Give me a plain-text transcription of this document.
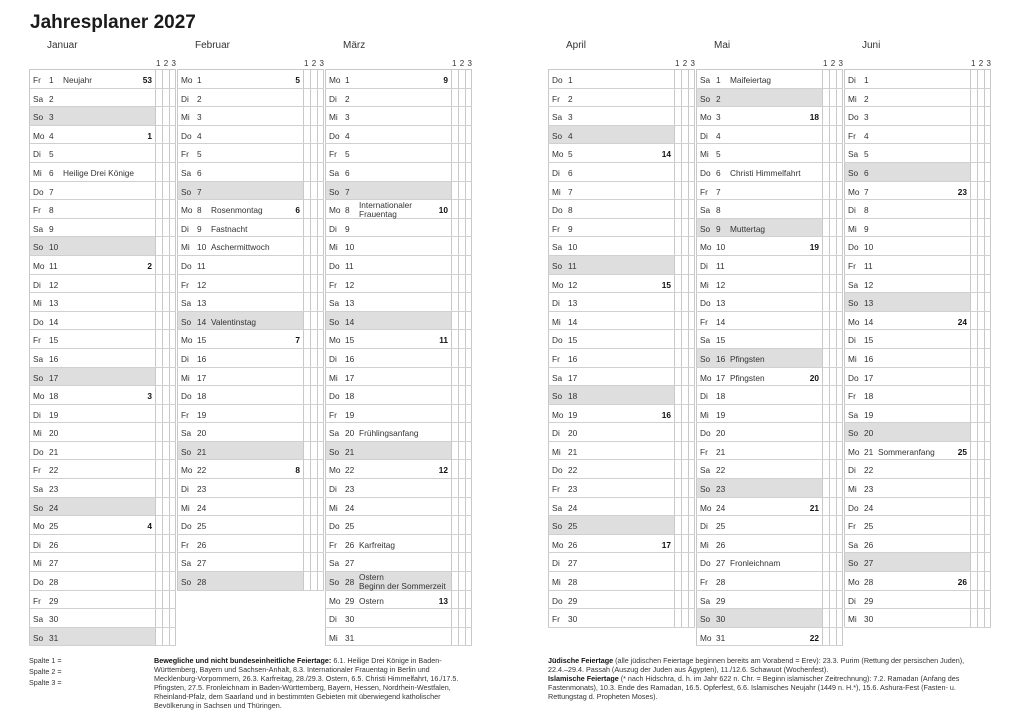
Jahresplaner 2027
Januar
1 2 3
Fr 1 Neujahr	53
Sa 2
So 3
Mo 4	1
Di 5
Mi 6 Heilige Drei Könige
Do 7
Fr 8
Sa 9
So 10
Mo 11	2
Di 12
Mi 13
Do 14
Fr 15
Sa 16
So 17
Mo 18	3
Di 19
Mi 20
Do 21
Fr 22
Sa 23
So 24
Mo 25	4
Di 26
Mi 27
Do 28
Fr 29
Sa 30
So 31
Februar
1 2 3
Mo 1	5
Di 2
Mi 3
Do 4
Fr 5
Sa 6
So 7
Mo 8 Rosenmontag	6
Di 9 Fastnacht
Mi 10 Aschermittwoch
Do 11
Fr 12
Sa 13
So 14 Valentinstag
Mo 15	7
Di 16
Mi 17
Do 18
Fr 19
Sa 20
So 21
Mo 22	8
Di 23
Mi 24
Do 25
Fr 26
Sa 27
So 28
März
1 2 3
Mo 1	9
Di 2
Mi 3
Do 4
Fr 5
Sa 6
So 7
Mo 8 Internationaler
Frauentag	10
Di 9
Mi 10
Do 11
Fr 12
Sa 13
So 14
Mo 15	11
Di 16
Mi 17
Do 18
Fr 19
Sa 20 Frühlingsanfang
So 21
Mo 22	12
Di 23
Mi 24
Do 25
Fr 26 Karfreitag
Sa 27
So 28 Ostern
Beginn der Sommerzeit
Mo 29 Ostern	13
Di 30
Mi 31
April
1 2 3
Do 1
Fr 2
Sa 3
So 4
Mo 5	14
Di 6
Mi 7
Do 8
Fr 9
Sa 10
So 11
Mo 12	15
Di 13
Mi 14
Do 15
Fr 16
Sa 17
So 18
Mo 19	16
Di 20
Mi 21
Do 22
Fr 23
Sa 24
So 25
Mo 26	17
Di 27
Mi 28
Do 29
Fr 30
Mai
1 2 3
Sa 1 Maifeiertag
So 2
Mo 3	18
Di 4
Mi 5
Do 6 Christi Himmelfahrt
Fr 7
Sa 8
So 9 Muttertag
Mo 10	19
Di 11
Mi 12
Do 13
Fr 14
Sa 15
So 16 Pfingsten
Mo 17 Pfingsten	20
Di 18
Mi 19
Do 20
Fr 21
Sa 22
So 23
Mo 24	21
Di 25
Mi 26
Do 27 Fronleichnam
Fr 28
Sa 29
So 30
Mo 31	22
Juni
1 2 3
Di 1
Mi 2
Do 3
Fr 4
Sa 5
So 6
Mo 7	23
Di 8
Mi 9
Do 10
Fr 11
Sa 12
So 13
Mo 14	24
Di 15
Mi 16
Do 17
Fr 18
Sa 19
So 20
Mo 21 Sommeranfang	25
Di 22
Mi 23
Do 24
Fr 25
Sa 26
So 27
Mo 28	26
Di 29
Mi 30
Spalte 1 =
Spalte 2 =
Spalte 3 =
Bewegliche und nicht bundeseinheitliche Feiertage: 6.1. Heilige Drei Könige in Baden-Württemberg, Bayern und Sachsen-Anhalt, 8.3. Internationaler Frauentag in Berlin und Mecklenburg-Vorpommern, 26.3. Karfreitag, 28./29.3. Ostern, 6.5. Christi Himmelfahrt, 16./17.5. Pfingsten, 27.5. Fronleichnam in Baden-Württemberg, Bayern, Hessen, Nordrhein-Westfalen, Rheinland-Pfalz, dem Saarland und in bestimmten Gebieten mit überwiegend katholischer Bevölkerung in Sachsen und Thüringen.
Jüdische Feiertage (alle jüdischen Feiertage beginnen bereits am Vorabend = Erev): 23.3. Purim (Rettung der persischen Juden), 22.4.–29.4. Passah (Auszug der Juden aus Ägypten), 11./12.6. Schawuot (Wochenfest).
Islamische Feiertage (* nach Hidschra, d. h. im Jahr 622 n. Chr. = Beginn islamischer Zeitrechnung): 7.2. Ramadan (Anfang des Fastenmonats), 10.3. Ende des Ramadan, 16.5. Opferfest, 6.6. Islamisches Neujahr (1449 n. H.*), 15.6. Ashura-Fest (Fasten- u. Rettungstag d. Propheten Moses).
